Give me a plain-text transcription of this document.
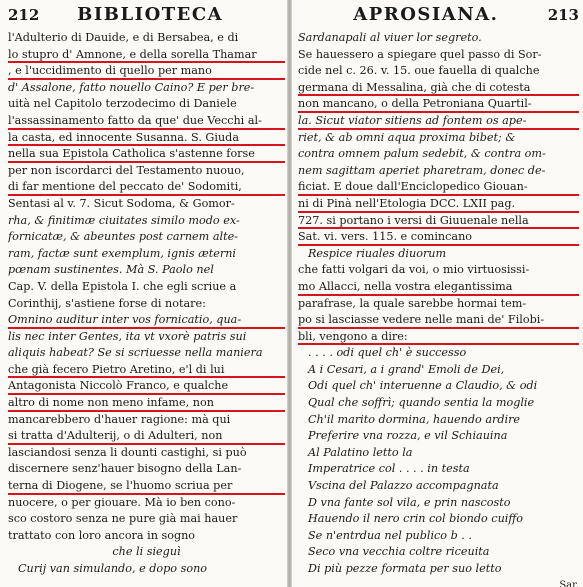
212 BIBLIOTECA
l'Adulterio di Dauide, e di Bersabea, e di
lo stupro d' Amnone, e della sorella Thamar
, e l'uccidimento di quello per mano
d' Assalone, fatto nouello Caino? E per bre-
uità nel Capitolo terzodecimo di Daniele
l'assassinamento fatto da que' due Vecchi al-
la casta, ed innocente Susanna. S. Giuda
nella sua Epistola Catholica s'astenne forse
per non iscordarci del Testamento nuouo,
di far mentione del peccato de' Sodomiti,
Sentasi al v. 7. Sicut Sodoma, & Gomor-
rha, & finitimæ ciuitates similo modo ex-
fornicatæ, & abeuntes post carnem alte-
ram, factæ sunt exemplum, ignis æterni
pœnam sustinentes. Mà S. Paolo nel
Cap. V. della Epistola I. che egli scriue a
Corinthij, s'astiene forse di notare:
Omnino auditur inter vos fornicatio, qua-
lis nec inter Gentes, ita vt vxorè patris sui
aliquis habeat? Se si scriuesse nella maniera
che già fecero Pietro Aretino, e'l di lui
Antagonista Niccolò Franco, e qualche
altro di nome non meno infame, non
mancarebbero d'hauer ragione: mà qui
si tratta d'Adulterij, o di Adulteri, non
lasciandosi senza li dounti castighi, si può
discernere senz'hauer bisogno della Lan-
terna di Diogene, se l'huomo scriua per
nuocere, o per giouare. Mà io ben cono-
sco costoro senza ne pure già mai hauer
trattato con loro ancora in sogno
che li sieguì
Curij van simulando, e dopo sono
APROSIANA.	213
Sardanapali al viuer lor segreto.
Se hauessero a spiegare quel passo di Sor-
cide nel c. 26. v. 15. oue fauella di qualche
germana di Messalina, già che di cotesta
non mancano, o della Petroniana Quartil-
la. Sicut viator sitiens ad fontem os ape-
riet, & ab omni aqua proxima bibet; &
contra omnem palum sedebit, & contra om-
nem sagittam aperiet pharetram, donec de-
ficiat. E doue dall'Enciclopedico Giouan-
ni di Pinà nell'Etologia DCC. LXII pag.
727. si portano i versi di Giuuenale nella
Sat. vi. vers. 115. e comincano
Respice riuales diuorum
che fatti volgari da voi, o mio virtuosissi-
mo Allacci, nella vostra elegantissima
parafrase, la quale sarebbe hormai tem-
po si lasciasse vedere nelle mani de' Filobi-
bli, vengono a dire:
. . . . odi quel ch' è successo
A i Cesari, a i grand' Emoli de Dei,
Odi quel ch' interuenne a Claudio, & odi
Qual che soffrì; quando sentia la moglie
Ch'il marito dormina, hauendo ardire
Preferire vna rozza, e vil Schiauina
Al Palatino letto la
Imperatrice col . . . . in testa
Vscina del Palazzo accompagnata
D vna fante sol vila, e prin nascosto
Hauendo il nero crin col biondo cuiffo
Se n'entrdua nel publico b . .
Seco vna vecchia coltre riceuita
Di più pezze formata per suo letto
Sar.
